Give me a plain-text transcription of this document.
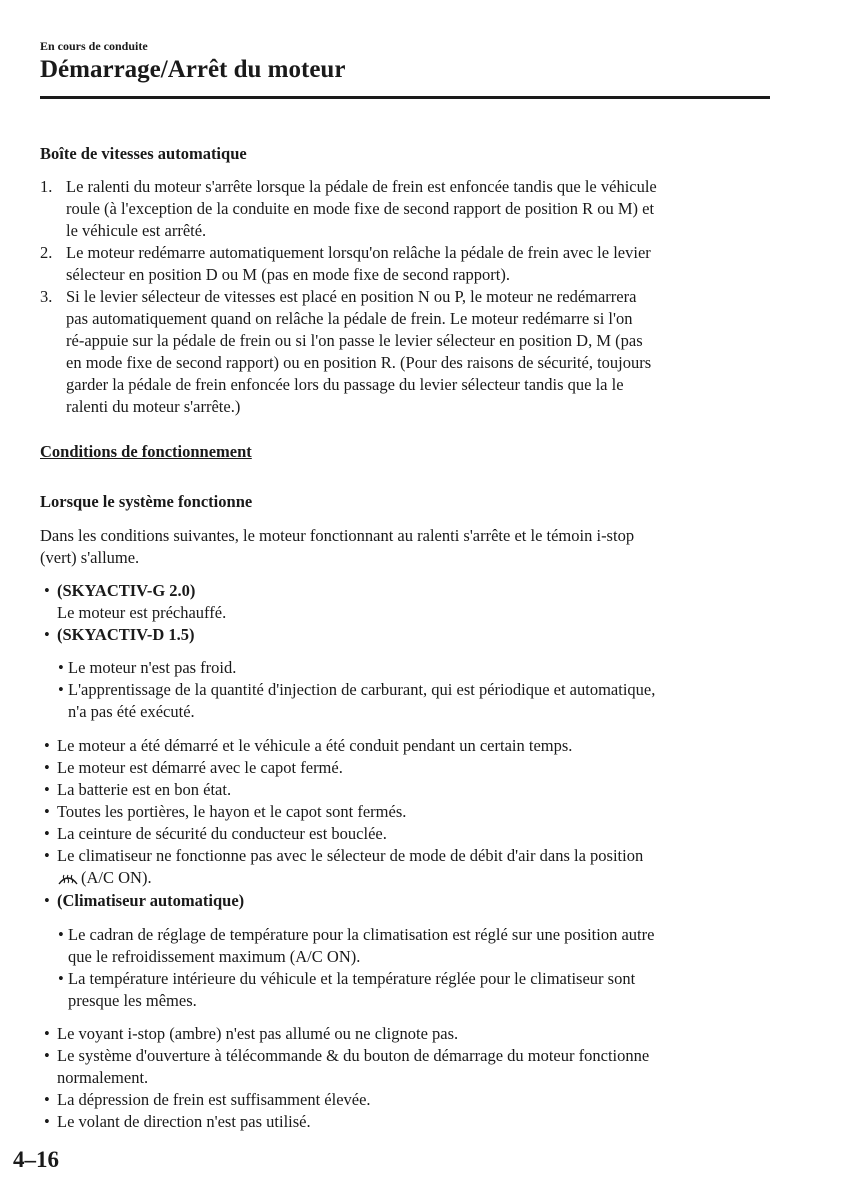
En cours de conduite
Démarrage/Arrêt du moteur
Boîte de vitesses automatique
1. Le ralenti du moteur s'arrête lorsque la pédale de frein est enfoncée tandis que le véhicule
roule (à l'exception de la conduite en mode fixe de second rapport de position R ou M) et
le véhicule est arrêté.
2. Le moteur redémarre automatiquement lorsqu'on relâche la pédale de frein avec le levier
sélecteur en position D ou M (pas en mode fixe de second rapport).
3. Si le levier sélecteur de vitesses est placé en position N ou P, le moteur ne redémarrera
pas automatiquement quand on relâche la pédale de frein. Le moteur redémarre si l'on
ré-appuie sur la pédale de frein ou si l'on passe le levier sélecteur en position D, M (pas
en mode fixe de second rapport) ou en position R. (Pour des raisons de sécurité, toujours
garder la pédale de frein enfoncée lors du passage du levier sélecteur tandis que la le
ralenti du moteur s'arrête.)
Conditions de fonctionnement
Lorsque le système fonctionne
Dans les conditions suivantes, le moteur fonctionnant au ralenti s'arrête et le témoin i-stop
(vert) s'allume.
• (SKYACTIV-G 2.0)
Le moteur est préchauffé.
• (SKYACTIV-D 1.5)
• Le moteur n'est pas froid.
• L'apprentissage de la quantité d'injection de carburant, qui est périodique et automatique,
n'a pas été exécuté.
• Le moteur a été démarré et le véhicule a été conduit pendant un certain temps.
• Le moteur est démarré avec le capot fermé.
• La batterie est en bon état.
• Toutes les portières, le hayon et le capot sont fermés.
• La ceinture de sécurité du conducteur est bouclée.
• Le climatiseur ne fonctionne pas avec le sélecteur de mode de débit d'air dans la position
(A/C ON).
• (Climatiseur automatique)
• Le cadran de réglage de température pour la climatisation est réglé sur une position autre
que le refroidissement maximum (A/C ON).
• La température intérieure du véhicule et la température réglée pour le climatiseur sont
presque les mêmes.
• Le voyant i-stop (ambre) n'est pas allumé ou ne clignote pas.
• Le système d'ouverture à télécommande & du bouton de démarrage du moteur fonctionne
normalement.
• La dépression de frein est suffisamment élevée.
• Le volant de direction n'est pas utilisé.
4–16
